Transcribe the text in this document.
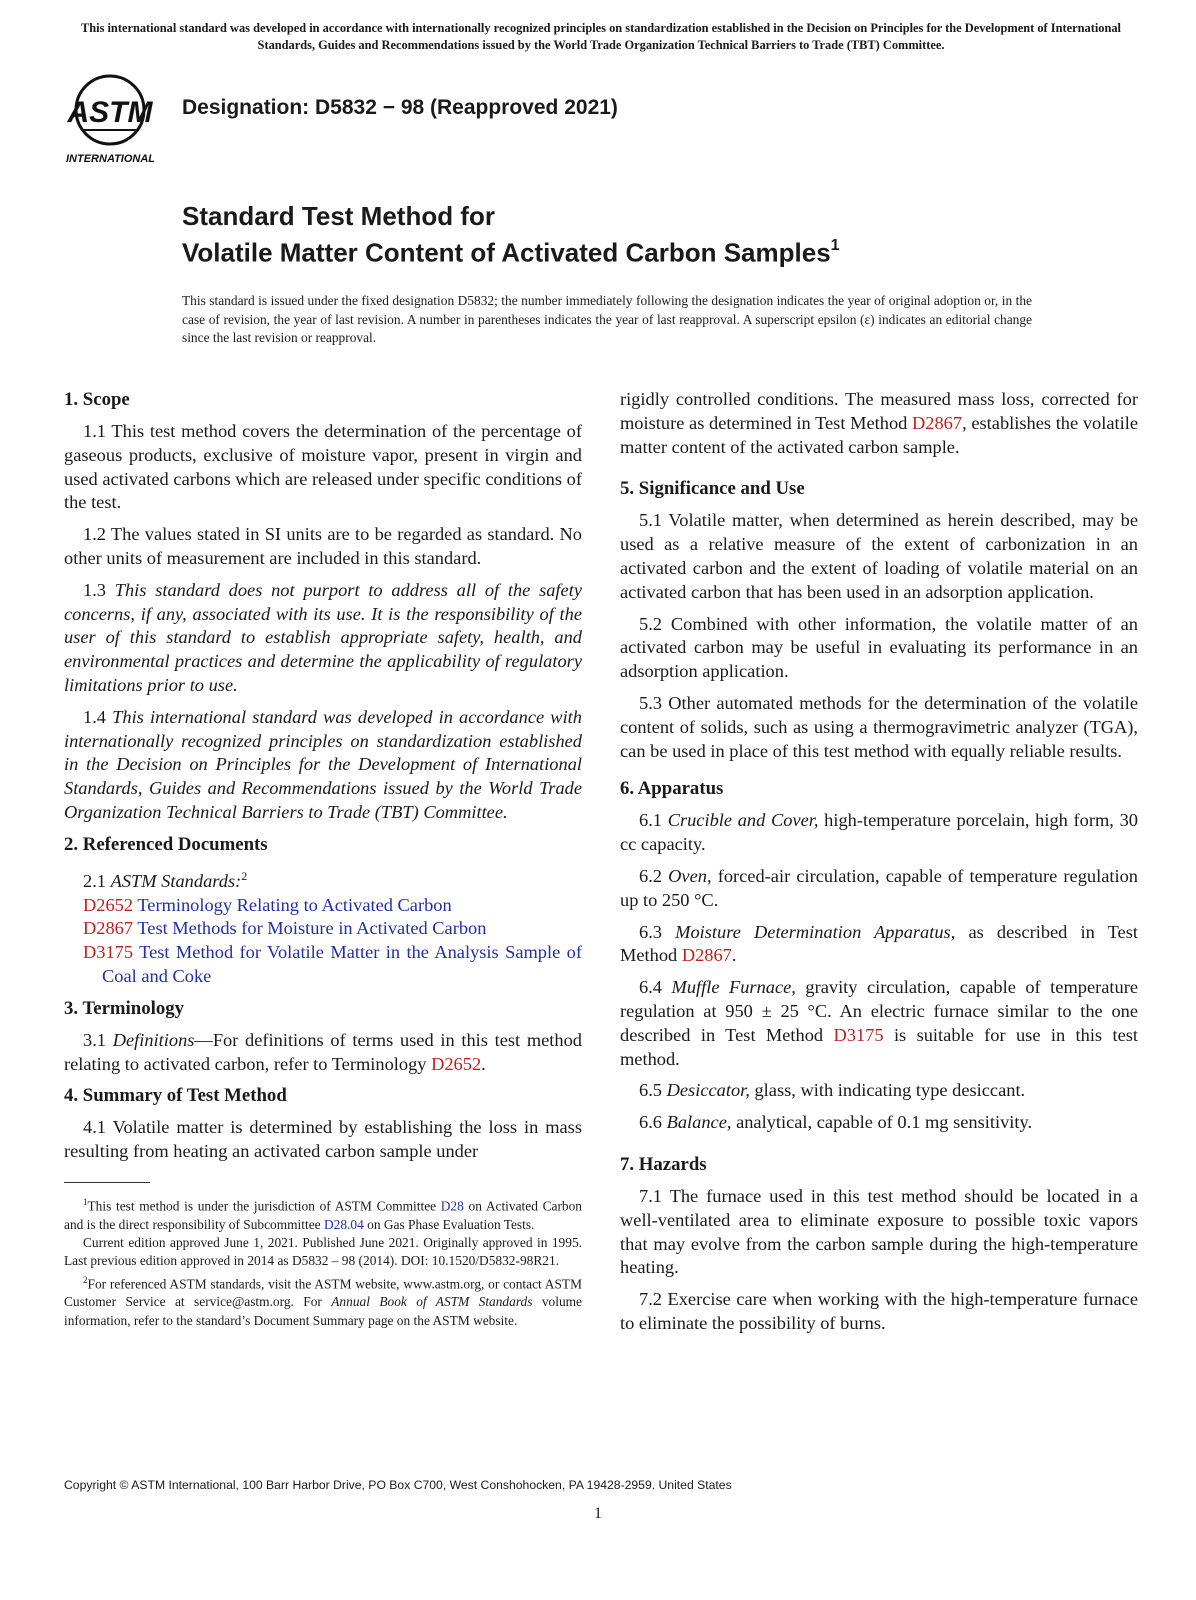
This international standard was developed in accordance with internationally recognized principles on standardization established in the Decision on Principles for the Development of International Standards, Guides and Recommendations issued by the World Trade Organization Technical Barriers to Trade (TBT) Committee.
ASTM
INTERNATIONAL
Designation: D5832 − 98 (Reapproved 2021)
Standard Test Method for
Volatile Matter Content of Activated Carbon Samples$^1$
This standard is issued under the fixed designation D5832; the number immediately following the designation indicates the year of original adoption or, in the case of revision, the year of last revision. A number in parentheses indicates the year of last reapproval. A superscript epsilon (ε) indicates an editorial change since the last revision or reapproval.
1. Scope

1.1 This test method covers the determination of the percentage of gaseous products, exclusive of moisture vapor, present in virgin and used activated carbons which are released under specific conditions of the test.

1.2 The values stated in SI units are to be regarded as standard. No other units of measurement are included in this standard.

1.3 This standard does not purport to address all of the safety concerns, if any, associated with its use. It is the responsibility of the user of this standard to establish appropriate safety, health, and environmental practices and determine the applicability of regulatory limitations prior to use.

1.4 This international standard was developed in accordance with internationally recognized principles on standardization established in the Decision on Principles for the Development of International Standards, Guides and Recommendations issued by the World Trade Organization Technical Barriers to Trade (TBT) Committee.

2. Referenced Documents

2.1 ASTM Standards:$^2$

D2652 Terminology Relating to Activated Carbon

D2867 Test Methods for Moisture in Activated Carbon

D3175 Test Method for Volatile Matter in the Analysis Sample of Coal and Coke

3. Terminology

3.1 Definitions—For definitions of terms used in this test method relating to activated carbon, refer to Terminology D2652.

4. Summary of Test Method

4.1 Volatile matter is determined by establishing the loss in mass resulting from heating an activated carbon sample under

$^1$This test method is under the jurisdiction of ASTM Committee D28 on Activated Carbon and is the direct responsibility of Subcommittee D28.04 on Gas Phase Evaluation Tests.

Current edition approved June 1, 2021. Published June 2021. Originally approved in 1995. Last previous edition approved in 2014 as D5832 – 98 (2014). DOI: 10.1520/D5832-98R21.

$^2$For referenced ASTM standards, visit the ASTM website, www.astm.org, or contact ASTM Customer Service at service@astm.org. For Annual Book of ASTM Standards volume information, refer to the standard’s Document Summary page on the ASTM website.

rigidly controlled conditions. The measured mass loss, corrected for moisture as determined in Test Method D2867, establishes the volatile matter content of the activated carbon sample.

5. Significance and Use

5.1 Volatile matter, when determined as herein described, may be used as a relative measure of the extent of carbonization in an activated carbon and the extent of loading of volatile material on an activated carbon that has been used in an adsorption application.

5.2 Combined with other information, the volatile matter of an activated carbon may be useful in evaluating its performance in an adsorption application.

5.3 Other automated methods for the determination of the volatile content of solids, such as using a thermogravimetric analyzer (TGA), can be used in place of this test method with equally reliable results.

6. Apparatus

6.1 Crucible and Cover, high-temperature porcelain, high form, 30 cc capacity.

6.2 Oven, forced-air circulation, capable of temperature regulation up to 250 °C.

6.3 Moisture Determination Apparatus, as described in Test Method D2867.

6.4 Muffle Furnace, gravity circulation, capable of temperature regulation at 950 ± 25 °C. An electric furnace similar to the one described in Test Method D3175 is suitable for use in this test method.

6.5 Desiccator, glass, with indicating type desiccant.

6.6 Balance, analytical, capable of 0.1 mg sensitivity.

7. Hazards

7.1 The furnace used in this test method should be located in a well-ventilated area to eliminate exposure to possible toxic vapors that may evolve from the carbon sample during the high-temperature heating.

7.2 Exercise care when working with the high-temperature furnace to eliminate the possibility of burns.

Copyright © ASTM International, 100 Barr Harbor Drive, PO Box C700, West Conshohocken, PA 19428-2959. United States
1
